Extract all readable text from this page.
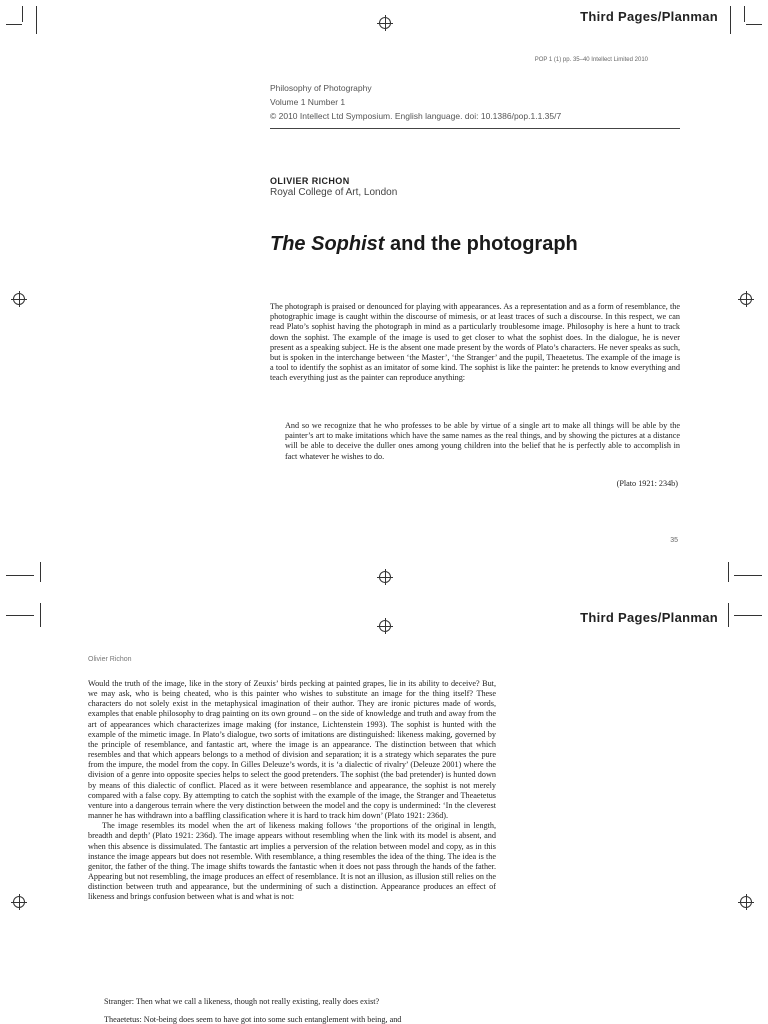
Third Pages/Planman
POP 1 (1) pp. 35–40 Intellect Limited 2010
Philosophy of Photography
Volume 1 Number 1
© 2010 Intellect Ltd Symposium. English language. doi: 10.1386/pop.1.1.35/7
OLIVIER RICHON
Royal College of Art, London
The Sophist and the photograph
The photograph is praised or denounced for playing with appearances. As a representation and as a form of resemblance, the photographic image is caught within the discourse of mimesis, or at least traces of such a discourse. In this respect, we can read Plato’s sophist having the photograph in mind as a particularly troublesome image. Philosophy is here a hunt to track down the sophist. The example of the image is used to get closer to what the sophist does. In the dialogue, he is never present as a speaking subject. He is the absent one made present by the words of Plato’s characters. He never speaks as such, but is spoken in the interchange between ‘the Master’, ‘the Stranger’ and the pupil, Theaetetus. The example of the image is a tool to identify the sophist as an imitator of some kind. The sophist is like the painter: he pretends to know everything and teach everything just as the painter can reproduce anything:
And so we recognize that he who professes to be able by virtue of a single art to make all things will be able by the painter’s art to make imitations which have the same names as the real things, and by showing the pictures at a distance will be able to deceive the duller ones among young children into the belief that he is perfectly able to accomplish in fact whatever he wishes to do.
(Plato 1921: 234b)
35
Third Pages/Planman
Olivier Richon

Would the truth of the image, like in the story of Zeuxis’ birds pecking at painted grapes, lie in its ability to deceive? But, we may ask, who is being cheated, who is this painter who wishes to substitute an image for the thing itself? These characters do not solely exist in the metaphysical imagination of their author. They are ironic pictures made of words, examples that enable philosophy to drag painting on its own ground – on the side of knowledge and truth and away from the art of appearances which characterizes image making (for instance, Lichtenstein 1993). The sophist is hunted with the example of the mimetic image. In Plato’s dialogue, two sorts of imitations are distinguished: likeness making, governed by the principle of resemblance, and fantastic art, where the image is an appearance. The distinction between that which resembles and that which appears belongs to a method of division and separation; it is a strategy which separates the pure from the impure, the model from the copy. In Gilles Deleuze’s words, it is ‘a dialectic of rivalry’ (Deleuze 2001) where the division of a genre into opposite species helps to select the good pretenders. The sophist (the bad pretender) is hunted down by means of this dialectic of conflict. Placed as it were between resemblance and appearance, the sophist is not merely compared with a false copy. By attempting to catch the sophist with the example of the image, the Stranger and Theaetetus venture into a dangerous terrain where the very distinction between the model and the copy is undermined: ‘In the cleverest manner he has withdrawn into a baffling classification where it is hard to track him down’ (Plato 1921: 236d).

The image resembles its model when the art of likeness making follows ‘the proportions of the original in length, breadth and depth’ (Plato 1921: 236d). The image appears without resembling when the link with its model is absent, and when this absence is dissimulated. The fantastic art implies a perversion of the relation between model and copy, as in this instance the image appears but does not resemble. With resemblance, a thing resembles the idea of the thing. The idea is the genitor, the father of the thing. The image shifts towards the fantastic when it does not pass through the hands of the father. Appearing but not resembling, the image produces an effect of resemblance. It is not an illusion, as illusion still relies on the distinction between truth and appearance, but the undermining of such a distinction. Appearance produces an effect of likeness and brings confusion between what is and what is not:

Stranger: Then what we call a likeness, though not really existing, really does exist?
Theaetetus: Not-being does seem to have got into some such entanglement with being, and
